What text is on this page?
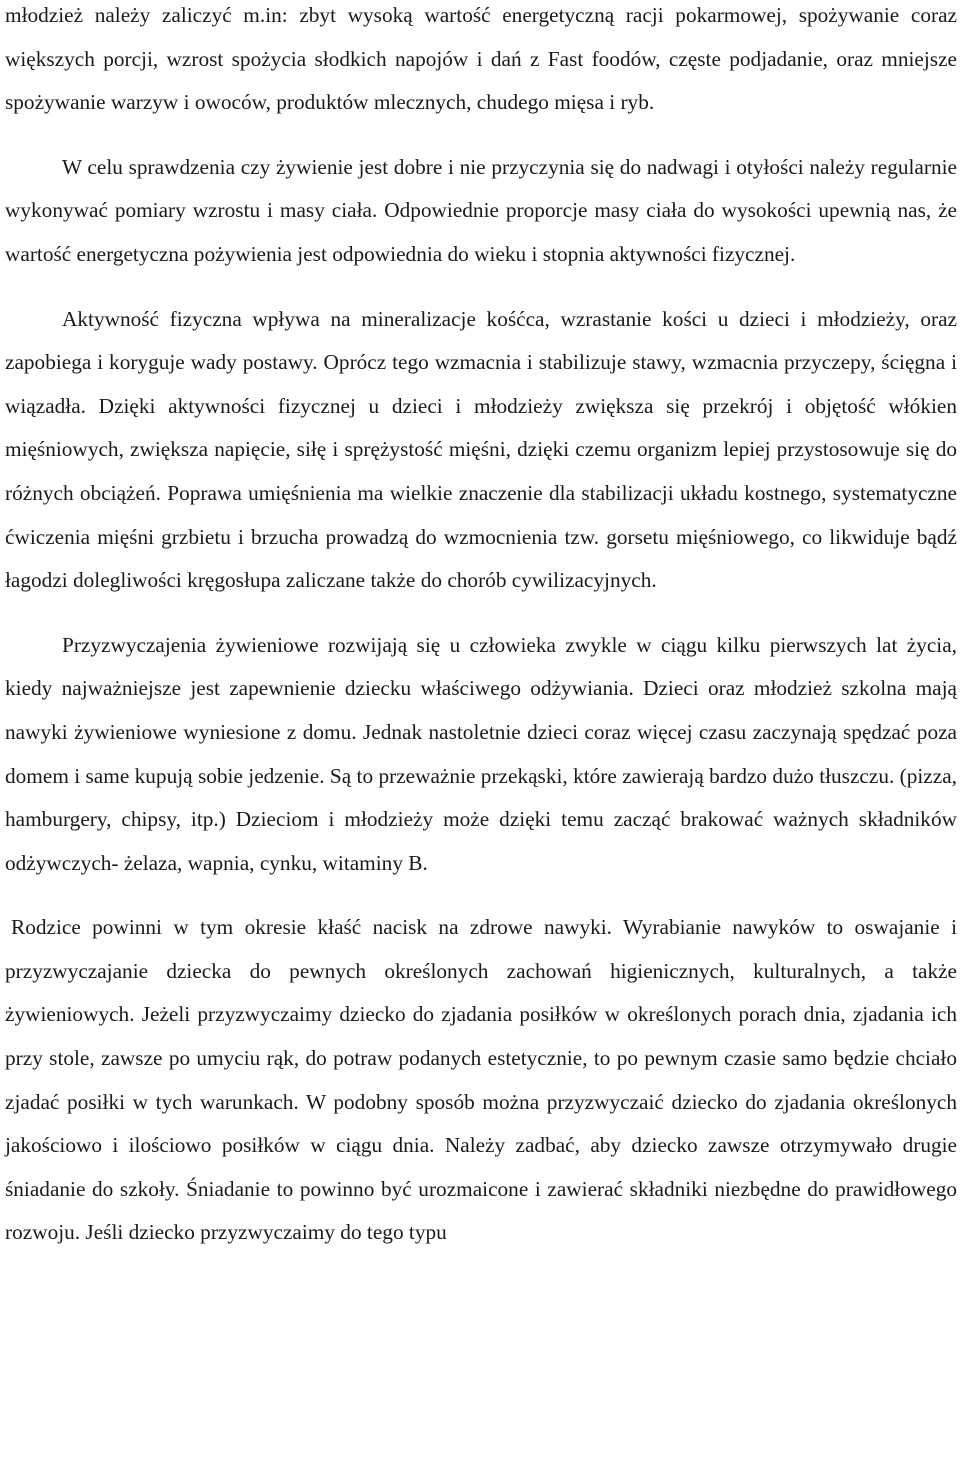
młodzież należy zaliczyć m.in: zbyt wysoką wartość energetyczną racji pokarmowej, spożywanie coraz większych porcji, wzrost spożycia słodkich napojów i dań z Fast foodów, częste podjadanie, oraz mniejsze spożywanie warzyw i owoców, produktów mlecznych, chudego mięsa i ryb.

W celu sprawdzenia czy żywienie jest dobre i nie przyczynia się do nadwagi i otyłości należy regularnie wykonywać pomiary wzrostu i masy ciała. Odpowiednie proporcje masy ciała do wysokości upewnią nas, że wartość energetyczna pożywienia jest odpowiednia do wieku i stopnia aktywności fizycznej.

Aktywność fizyczna wpływa na mineralizacje kośćca, wzrastanie kości u dzieci i młodzieży, oraz zapobiega i koryguje wady postawy. Oprócz tego wzmacnia i stabilizuje stawy, wzmacnia przyczepy, ścięgna i wiązadła. Dzięki aktywności fizycznej u dzieci i młodzieży zwiększa się przekrój i objętość włókien mięśniowych, zwiększa napięcie, siłę i sprężystość mięśni, dzięki czemu organizm lepiej przystosowuje się do różnych obciążeń. Poprawa umięśnienia ma wielkie znaczenie dla stabilizacji układu kostnego, systematyczne ćwiczenia mięśni grzbietu i brzucha prowadzą do wzmocnienia tzw. gorsetu mięśniowego, co likwiduje bądź łagodzi dolegliwości kręgosłupa zaliczane także do chorób cywilizacyjnych.

Przyzwyczajenia żywieniowe rozwijają się u człowieka zwykle w ciągu kilku pierwszych lat życia, kiedy najważniejsze jest zapewnienie dziecku właściwego odżywiania. Dzieci oraz młodzież szkolna mają nawyki żywieniowe wyniesione z domu. Jednak nastoletnie dzieci coraz więcej czasu zaczynają spędzać poza domem i same kupują sobie jedzenie. Są to przeważnie przekąski, które zawierają bardzo dużo tłuszczu. (pizza, hamburgery, chipsy, itp.) Dzieciom i młodzieży może dzięki temu zacząć brakować ważnych składników odżywczych- żelaza, wapnia, cynku, witaminy B.

Rodzice powinni w tym okresie kłaść nacisk na zdrowe nawyki. Wyrabianie nawyków to oswajanie i przyzwyczajanie dziecka do pewnych określonych zachowań higienicznych, kulturalnych, a także żywieniowych. Jeżeli przyzwyczaimy dziecko do zjadania posiłków w określonych porach dnia, zjadania ich przy stole, zawsze po umyciu rąk, do potraw podanych estetycznie, to po pewnym czasie samo będzie chciało zjadać posiłki w tych warunkach. W podobny sposób można przyzwyczaić dziecko do zjadania określonych jakościowo i ilościowo posiłków w ciągu dnia. Należy zadbać, aby dziecko zawsze otrzymywało drugie śniadanie do szkoły. Śniadanie to powinno być urozmaicone i zawierać składniki niezbędne do prawidłowego rozwoju. Jeśli dziecko przyzwyczaimy do tego typu
